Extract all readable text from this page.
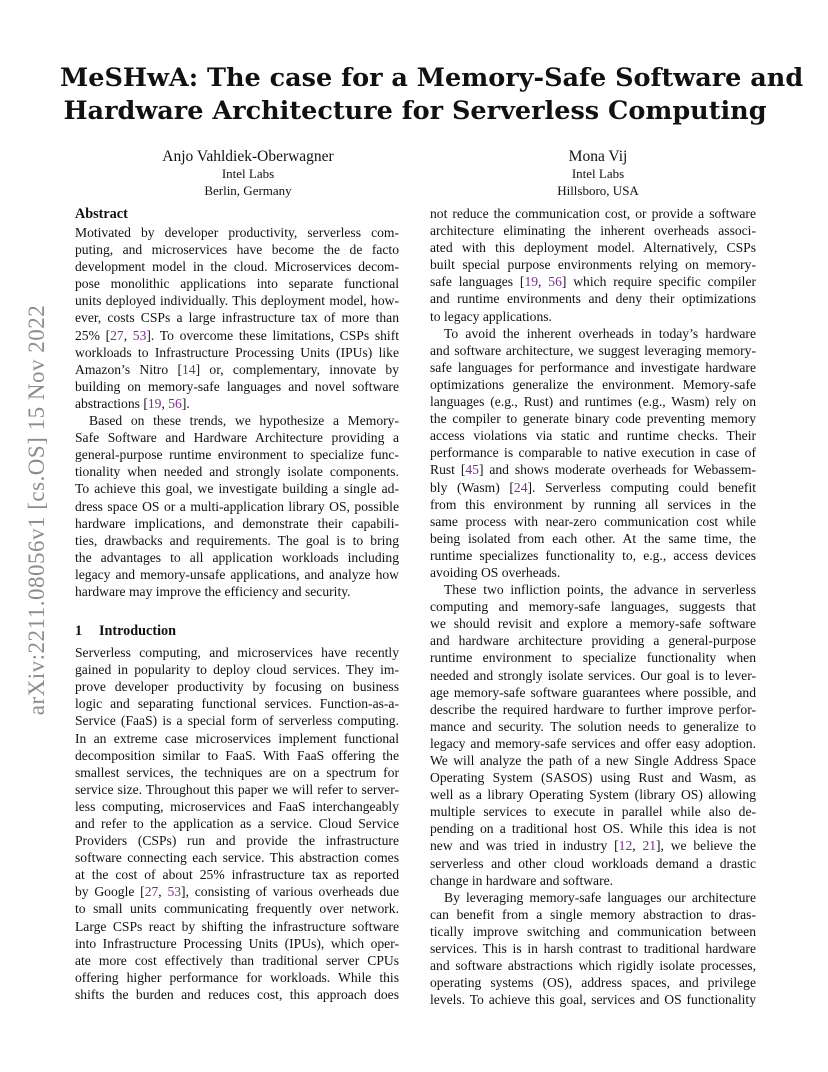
arXiv:2211.08056v1 [cs.OS] 15 Nov 2022
MeSHwA: The case for a Memory-Safe Software and
Hardware Architecture for Serverless Computing
Anjo Vahldiek-Oberwagner
Intel Labs
Berlin, Germany
Mona Vij
Intel Labs
Hillsboro, USA
Abstract
Motivated by developer productivity, serverless com-
puting, and microservices have become the de facto
development model in the cloud. Microservices decom-
pose monolithic applications into separate functional
units deployed individually. This deployment model, how-
ever, costs CSPs a large infrastructure tax of more than
25% [27, 53]. To overcome these limitations, CSPs shift
workloads to Infrastructure Processing Units (IPUs) like
Amazon’s Nitro [14] or, complementary, innovate by
building on memory-safe languages and novel software
abstractions [19, 56].
Based on these trends, we hypothesize a Memory-
Safe Software and Hardware Architecture providing a
general-purpose runtime environment to specialize func-
tionality when needed and strongly isolate components.
To achieve this goal, we investigate building a single ad-
dress space OS or a multi-application library OS, possible
hardware implications, and demonstrate their capabili-
ties, drawbacks and requirements. The goal is to bring
the advantages to all application workloads including
legacy and memory-unsafe applications, and analyze how
hardware may improve the efficiency and security.
1 Introduction
Serverless computing, and microservices have recently
gained in popularity to deploy cloud services. They im-
prove developer productivity by focusing on business
logic and separating functional services. Function-as-a-
Service (FaaS) is a special form of serverless computing.
In an extreme case microservices implement functional
decomposition similar to FaaS. With FaaS offering the
smallest services, the techniques are on a spectrum for
service size. Throughout this paper we will refer to server-
less computing, microservices and FaaS interchangeably
and refer to the application as a service. Cloud Service
Providers (CSPs) run and provide the infrastructure
software connecting each service. This abstraction comes
at the cost of about 25% infrastructure tax as reported
by Google [27, 53], consisting of various overheads due
to small units communicating frequently over network.
Large CSPs react by shifting the infrastructure software
into Infrastructure Processing Units (IPUs), which oper-
ate more cost effectively than traditional server CPUs
offering higher performance for workloads. While this
shifts the burden and reduces cost, this approach does
not reduce the communication cost, or provide a software
architecture eliminating the inherent overheads associ-
ated with this deployment model. Alternatively, CSPs
built special purpose environments relying on memory-
safe languages [19, 56] which require specific compiler
and runtime environments and deny their optimizations
to legacy applications.
To avoid the inherent overheads in today’s hardware
and software architecture, we suggest leveraging memory-
safe languages for performance and investigate hardware
optimizations generalize the environment. Memory-safe
languages (e.g., Rust) and runtimes (e.g., Wasm) rely on
the compiler to generate binary code preventing memory
access violations via static and runtime checks. Their
performance is comparable to native execution in case of
Rust [45] and shows moderate overheads for Webassem-
bly (Wasm) [24]. Serverless computing could benefit
from this environment by running all services in the
same process with near-zero communication cost while
being isolated from each other. At the same time, the
runtime specializes functionality to, e.g., access devices
avoiding OS overheads.
These two infliction points, the advance in serverless
computing and memory-safe languages, suggests that
we should revisit and explore a memory-safe software
and hardware architecture providing a general-purpose
runtime environment to specialize functionality when
needed and strongly isolate services. Our goal is to lever-
age memory-safe software guarantees where possible, and
describe the required hardware to further improve perfor-
mance and security. The solution needs to generalize to
legacy and memory-safe services and offer easy adoption.
We will analyze the path of a new Single Address Space
Operating System (SASOS) using Rust and Wasm, as
well as a library Operating System (library OS) allowing
multiple services to execute in parallel while also de-
pending on a traditional host OS. While this idea is not
new and was tried in industry [12, 21], we believe the
serverless and other cloud workloads demand a drastic
change in hardware and software.
By leveraging memory-safe languages our architecture
can benefit from a single memory abstraction to dras-
tically improve switching and communication between
services. This is in harsh contrast to traditional hardware
and software abstractions which rigidly isolate processes,
operating systems (OS), address spaces, and privilege
levels. To achieve this goal, services and OS functionality
